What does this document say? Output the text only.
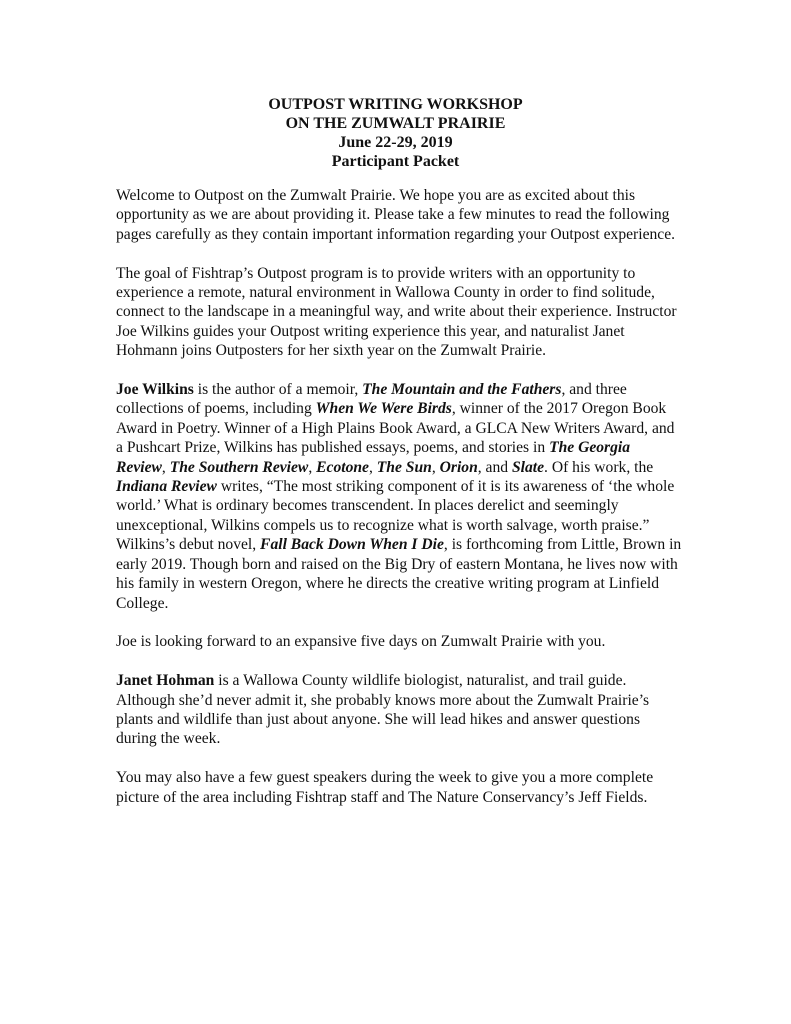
OUTPOST WRITING WORKSHOP
ON THE ZUMWALT PRAIRIE
June 22-29, 2019
Participant Packet

Welcome to Outpost on the Zumwalt Prairie. We hope you are as excited about this opportunity as we are about providing it. Please take a few minutes to read the following pages carefully as they contain important information regarding your Outpost experience.

The goal of Fishtrap’s Outpost program is to provide writers with an opportunity to experience a remote, natural environment in Wallowa County in order to find solitude, connect to the landscape in a meaningful way, and write about their experience. Instructor Joe Wilkins guides your Outpost writing experience this year, and naturalist Janet Hohmann joins Outposters for her sixth year on the Zumwalt Prairie.

Joe Wilkins is the author of a memoir, The Mountain and the Fathers, and three collections of poems, including When We Were Birds, winner of the 2017 Oregon Book Award in Poetry. Winner of a High Plains Book Award, a GLCA New Writers Award, and a Pushcart Prize, Wilkins has published essays, poems, and stories in The Georgia Review, The Southern Review, Ecotone, The Sun, Orion, and Slate. Of his work, the Indiana Review writes, “The most striking component of it is its awareness of ‘the whole world.’ What is ordinary becomes transcendent. In places derelict and seemingly unexceptional, Wilkins compels us to recognize what is worth salvage, worth praise.” Wilkins’s debut novel, Fall Back Down When I Die, is forthcoming from Little, Brown in early 2019. Though born and raised on the Big Dry of eastern Montana, he lives now with his family in western Oregon, where he directs the creative writing program at Linfield College.

Joe is looking forward to an expansive five days on Zumwalt Prairie with you.

Janet Hohman is a Wallowa County wildlife biologist, naturalist, and trail guide. Although she’d never admit it, she probably knows more about the Zumwalt Prairie’s plants and wildlife than just about anyone. She will lead hikes and answer questions during the week.

You may also have a few guest speakers during the week to give you a more complete picture of the area including Fishtrap staff and The Nature Conservancy’s Jeff Fields.
